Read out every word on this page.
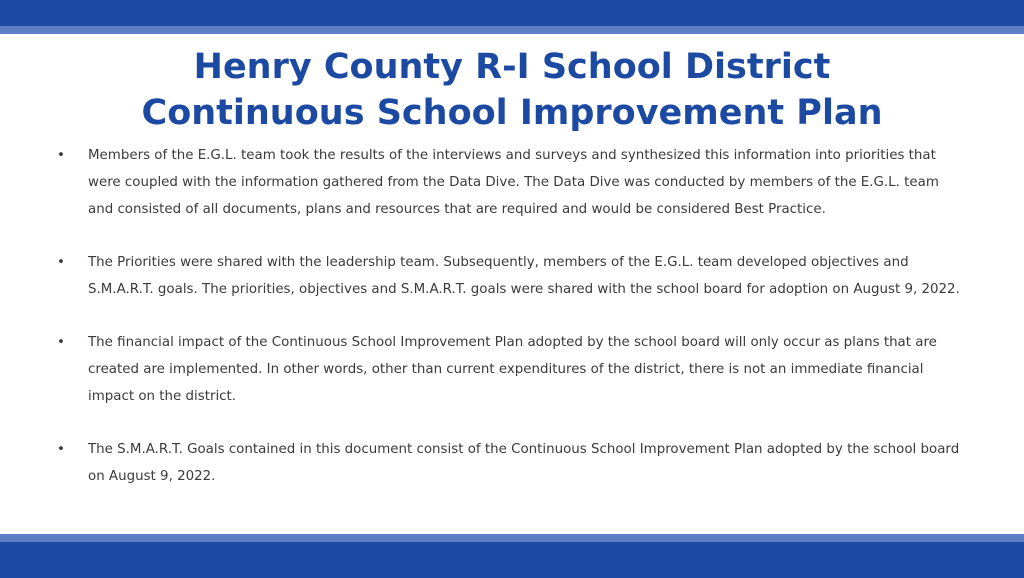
Henry County R-I School District
Continuous School Improvement Plan
• Members of the E.G.L. team took the results of the interviews and surveys and synthesized this information into priorities that were coupled with the information gathered from the Data Dive. The Data Dive was conducted by members of the E.G.L. team and consisted of all documents, plans and resources that are required and would be considered Best Practice.
• The Priorities were shared with the leadership team. Subsequently, members of the E.G.L. team developed objectives and S.M.A.R.T. goals. The priorities, objectives and S.M.A.R.T. goals were shared with the school board for adoption on August 9, 2022.
• The financial impact of the Continuous School Improvement Plan adopted by the school board will only occur as plans that are created are implemented. In other words, other than current expenditures of the district, there is not an immediate financial impact on the district.
• The S.M.A.R.T. Goals contained in this document consist of the Continuous School Improvement Plan adopted by the school board on August 9, 2022.
